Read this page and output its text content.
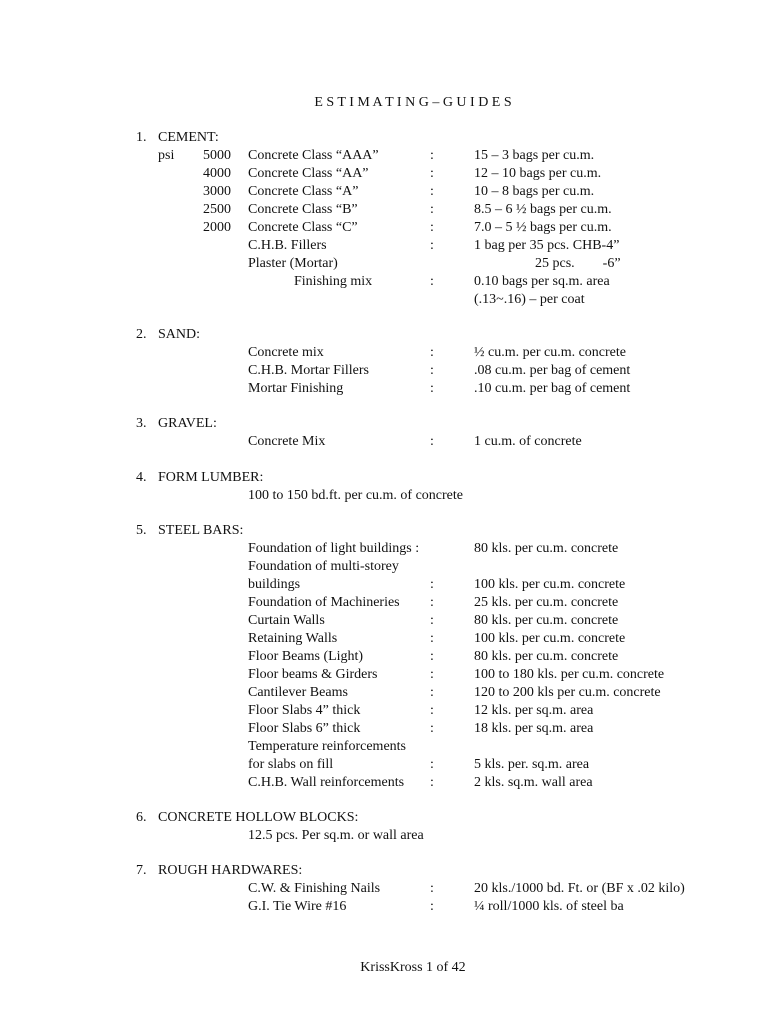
E S T I M A T I N G – G U I D E S
1. CEMENT:
psi 5000 Concrete Class “AAA”	:	15 – 3 bags per cu.m.
4000 Concrete Class “AA”	:	12 – 10 bags per cu.m.
3000 Concrete Class “A”	:	10 – 8 bags per cu.m.
2500 Concrete Class “B”	:	8.5 – 6 ½ bags per cu.m.
2000 Concrete Class “C”	:	7.0 – 5 ½ bags per cu.m.
C.H.B. Fillers	:	1 bag per 35 pcs. CHB-4”
Plaster (Mortar)	25 pcs.        -6”
Finishing mix	:	0.10 bags per sq.m. area
(.13~.16) – per coat
2. SAND:
Concrete mix	:	½ cu.m. per cu.m. concrete
C.H.B. Mortar Fillers	:	.08 cu.m. per bag of cement
Mortar Finishing	:	.10 cu.m. per bag of cement
3. GRAVEL:
Concrete Mix	:	1 cu.m. of concrete
4. FORM LUMBER:
100 to 150 bd.ft. per cu.m. of concrete
5. STEEL BARS:
Foundation of light buildings :	80 kls. per cu.m. concrete
Foundation of multi-storey
buildings	:	100 kls. per cu.m. concrete
Foundation of Machineries :	25 kls. per cu.m. concrete
Curtain Walls	:	80 kls. per cu.m. concrete
Retaining Walls	:	100 kls. per cu.m. concrete
Floor Beams (Light)	:	80 kls. per cu.m. concrete
Floor beams & Girders	:	100 to 180 kls. per cu.m. concrete
Cantilever Beams	:	120 to 200 kls per cu.m. concrete
Floor Slabs 4” thick	:	12 kls. per sq.m. area
Floor Slabs 6” thick	:	18 kls. per sq.m. area
Temperature reinforcements
for slabs on fill	:	5 kls. per. sq.m. area
C.H.B. Wall reinforcements :	2 kls. sq.m. wall area
6. CONCRETE HOLLOW BLOCKS:
12.5 pcs. Per sq.m. or wall area
7. ROUGH HARDWARES:
C.W. & Finishing Nails	:	20 kls./1000 bd. Ft. or (BF x .02 kilo)
G.I. Tie Wire #16	:	¼ roll/1000 kls. of steel ba
KrissKross 1 of 42
